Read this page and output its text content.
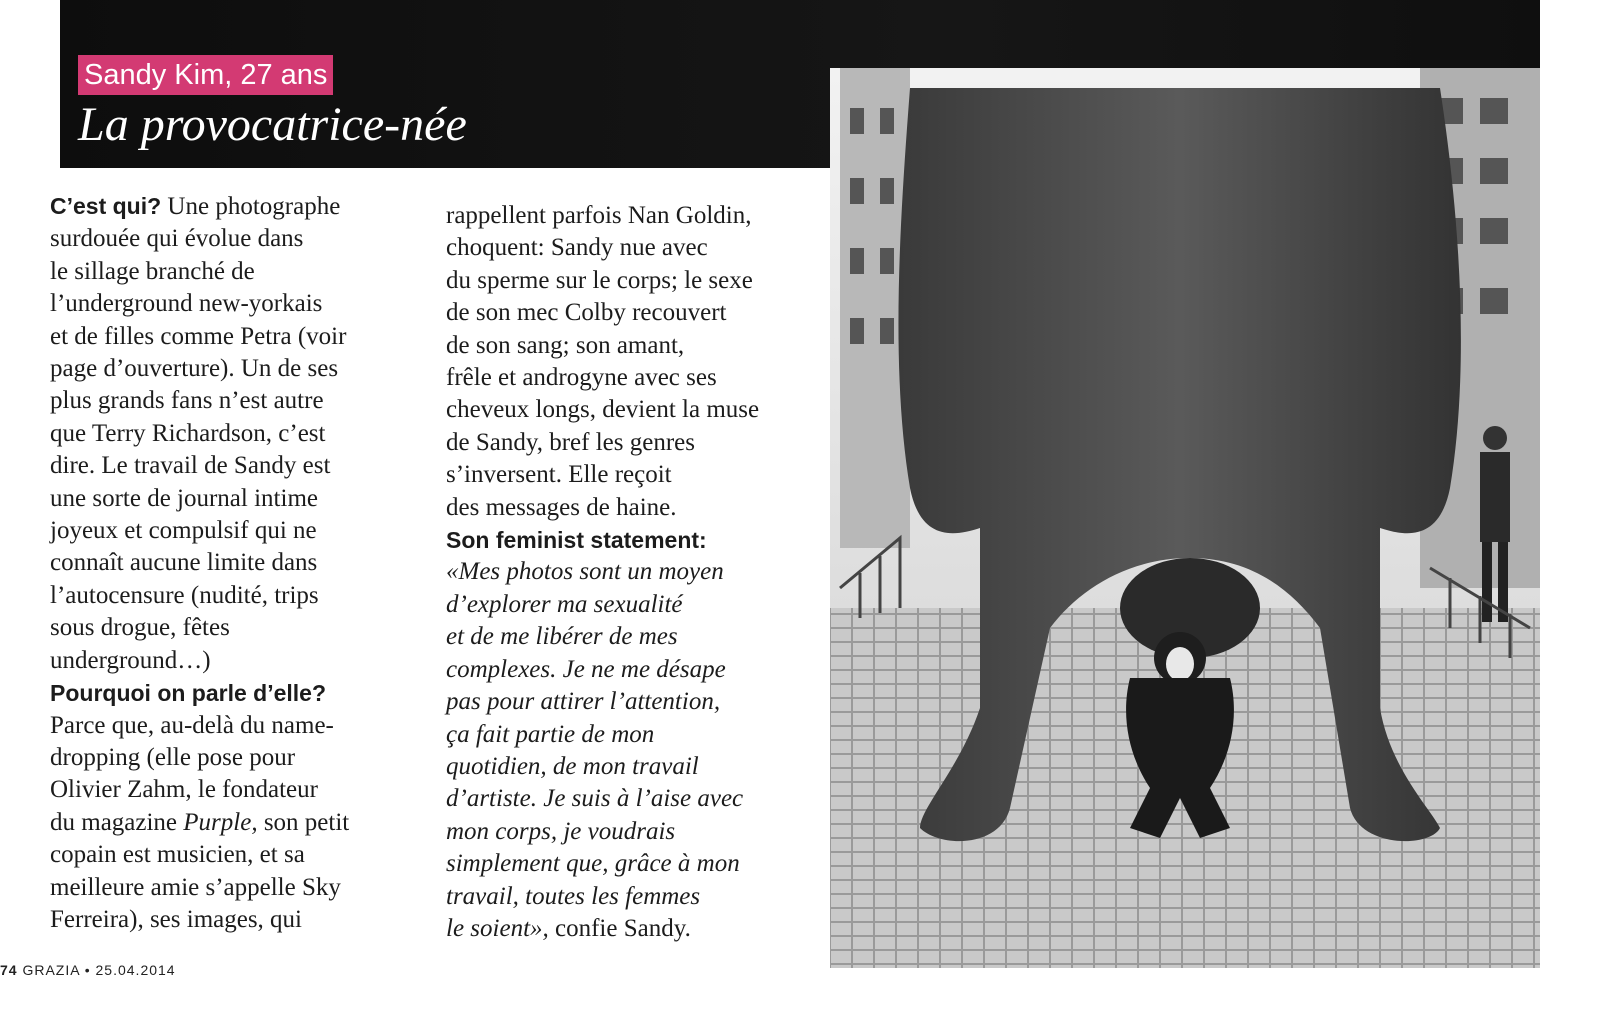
Sandy Kim, 27 ans
La provocatrice-née
C’est qui? Une photographe
surdouée qui évolue dans
le sillage branché de
l’underground new-yorkais
et de filles comme Petra (voir
page d’ouverture). Un de ses
plus grands fans n’est autre
que Terry Richardson, c’est
dire. Le travail de Sandy est
une sorte de journal intime
joyeux et compulsif qui ne
connaît aucune limite dans
l’autocensure (nudité, trips
sous drogue, fêtes
underground…)
Pourquoi on parle d’elle?
Parce que, au-delà du name-
dropping (elle pose pour
Olivier Zahm, le fondateur
du magazine Purple, son petit
copain est musicien, et sa
meilleure amie s’appelle Sky
Ferreira), ses images, qui
rappellent parfois Nan Goldin,
choquent: Sandy nue avec
du sperme sur le corps; le sexe
de son mec Colby recouvert
de son sang; son amant,
frêle et androgyne avec ses
cheveux longs, devient la muse
de Sandy, bref les genres
s’inversent. Elle reçoit
des messages de haine.
Son feminist statement:
«Mes photos sont un moyen
d’explorer ma sexualité
et de me libérer de mes
complexes. Je ne me désape
pas pour attirer l’attention,
ça fait partie de mon
quotidien, de mon travail
d’artiste. Je suis à l’aise avec
mon corps, je voudrais
simplement que, grâce à mon
travail, toutes les femmes
le soient», confie Sandy.
74 GRAZIA • 25.04.2014
